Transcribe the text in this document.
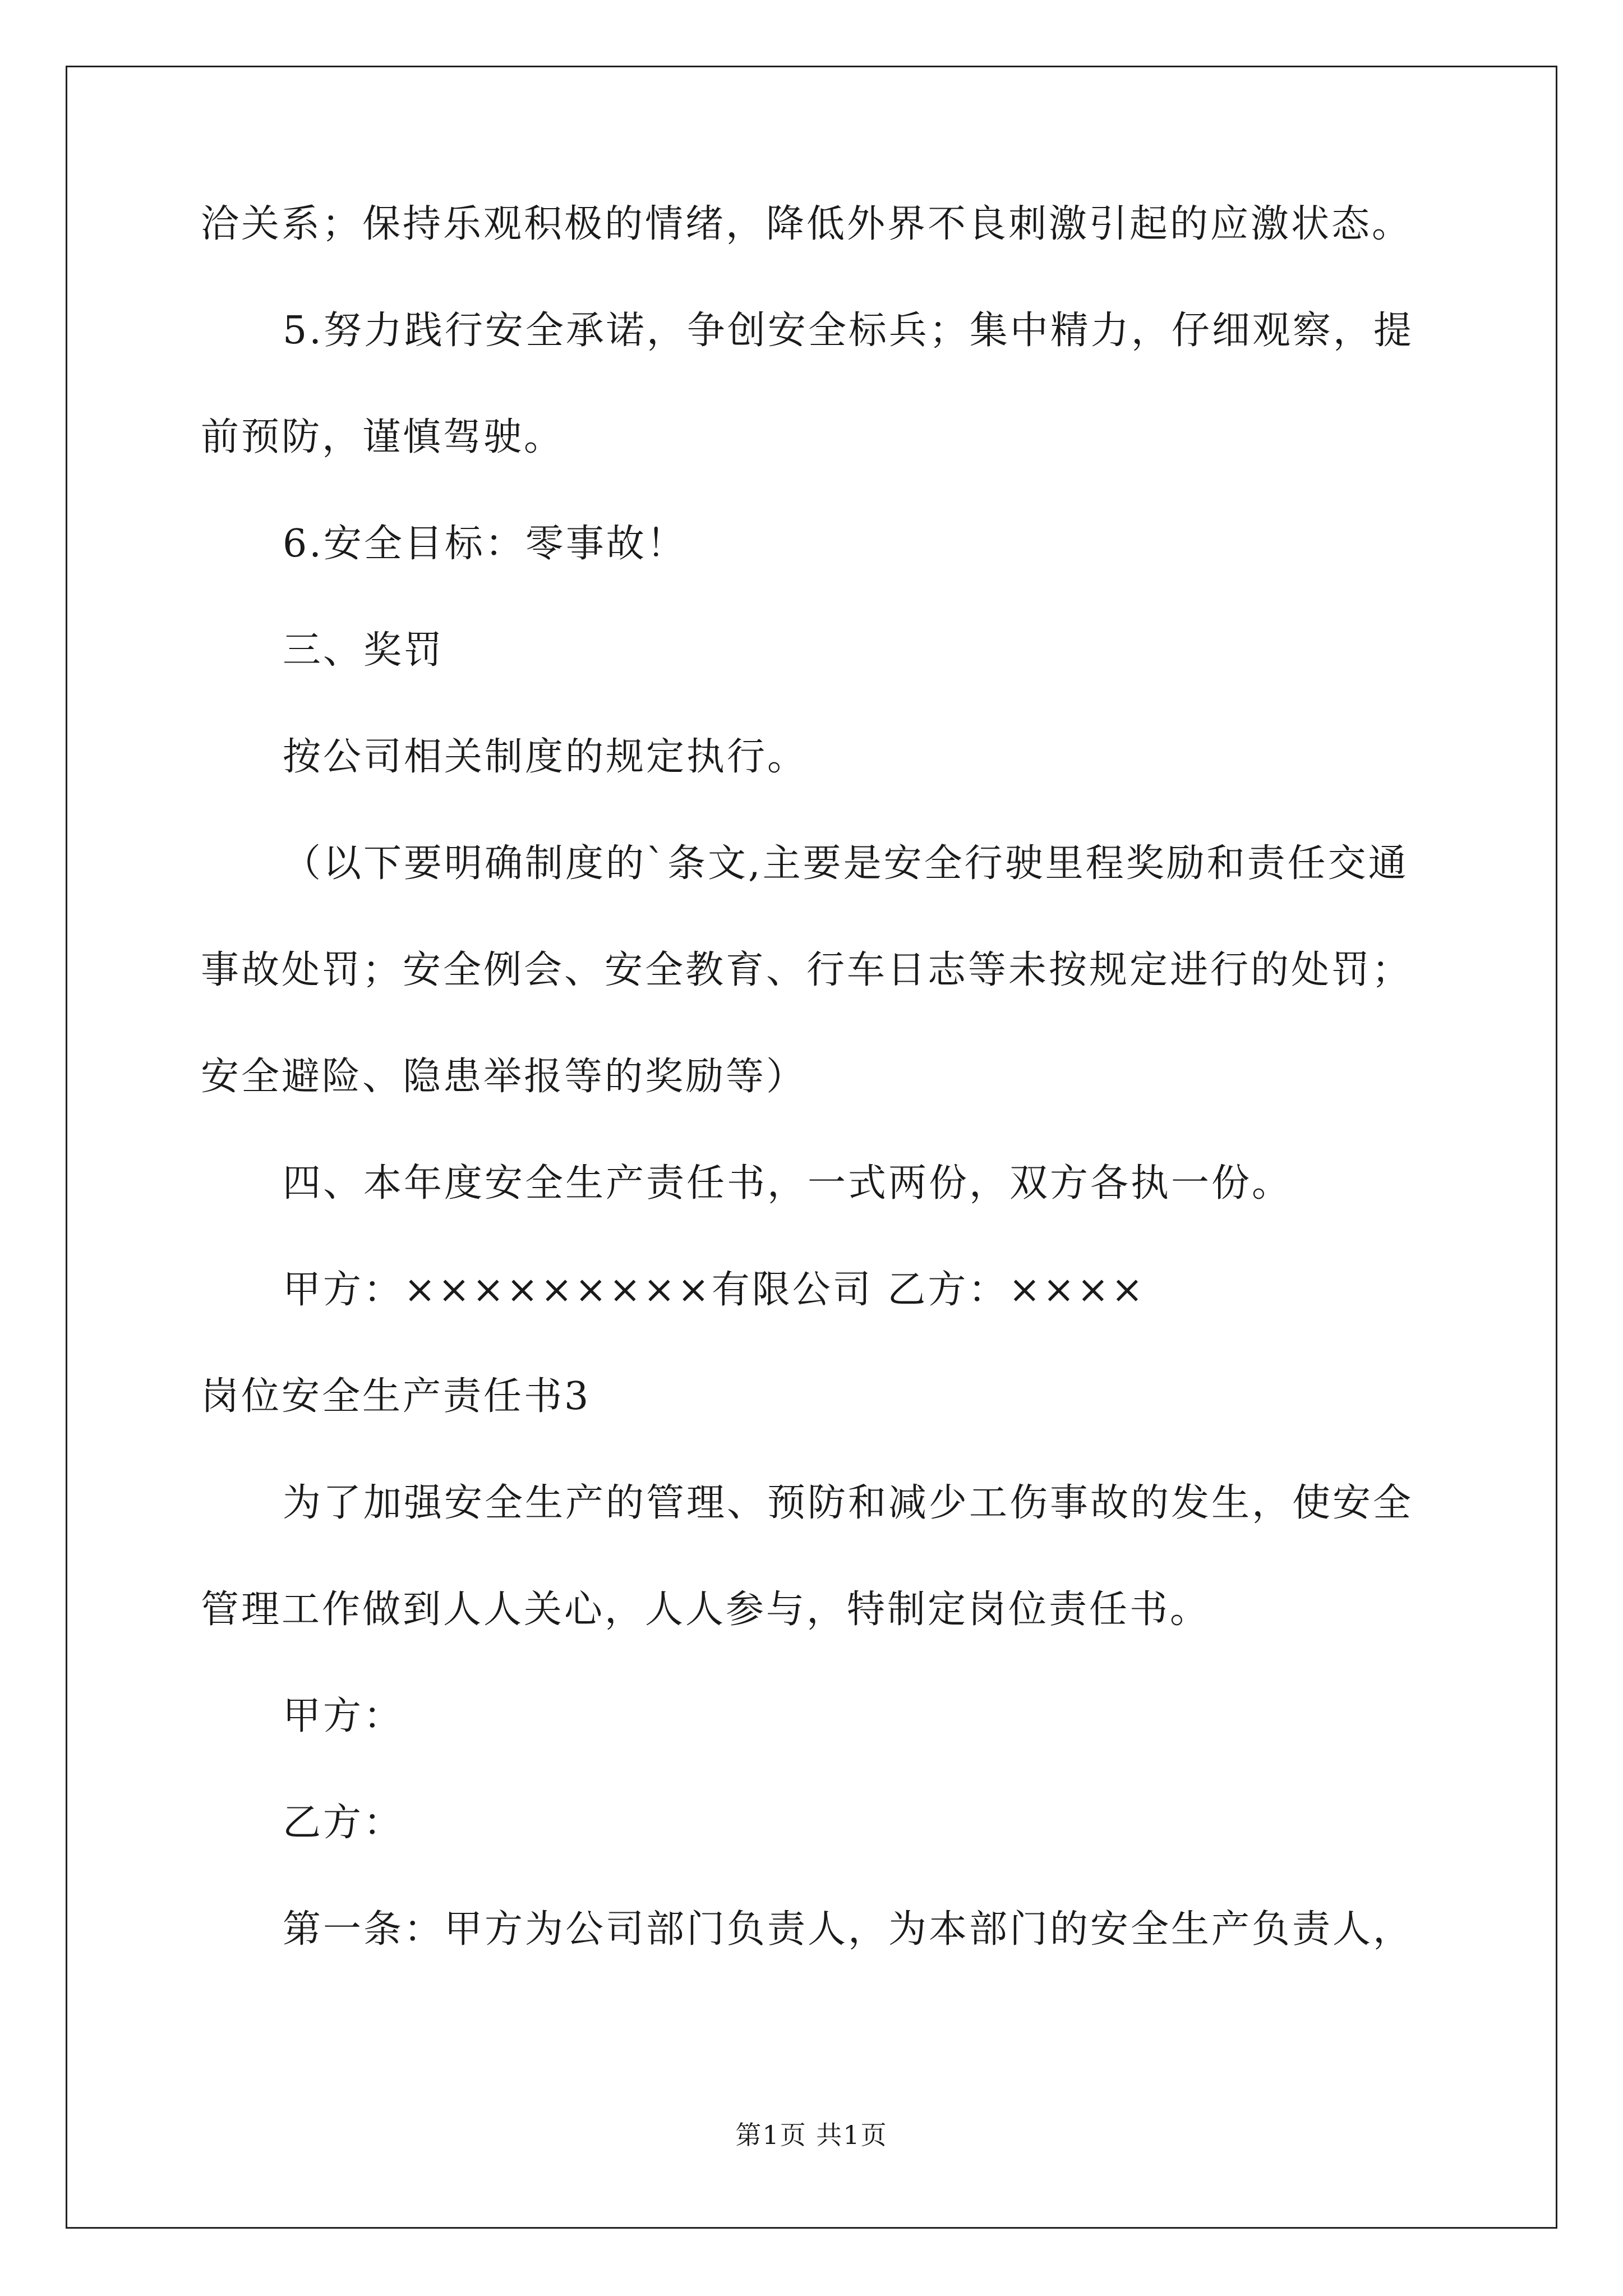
洽关系；保持乐观积极的情绪，降低外界不良刺激引起的应激状态。
5.努力践行安全承诺，争创安全标兵；集中精力，仔细观察，提
前预防，谨慎驾驶。
6.安全目标：零事故！
三、奖罚
按公司相关制度的规定执行。
（以下要明确制度的`条文,主要是安全行驶里程奖励和责任交通
事故处罚；安全例会、安全教育、行车日志等未按规定进行的处罚；
安全避险、隐患举报等的奖励等）
四、本年度安全生产责任书，一式两份，双方各执一份。
甲方：×××××××××有限公司 乙方：××××
岗位安全生产责任书3
为了加强安全生产的管理、预防和减少工伤事故的发生，使安全
管理工作做到人人关心，人人参与，特制定岗位责任书。
甲方：
乙方：
第一条：甲方为公司部门负责人，为本部门的安全生产负责人，
第1页 共1页
